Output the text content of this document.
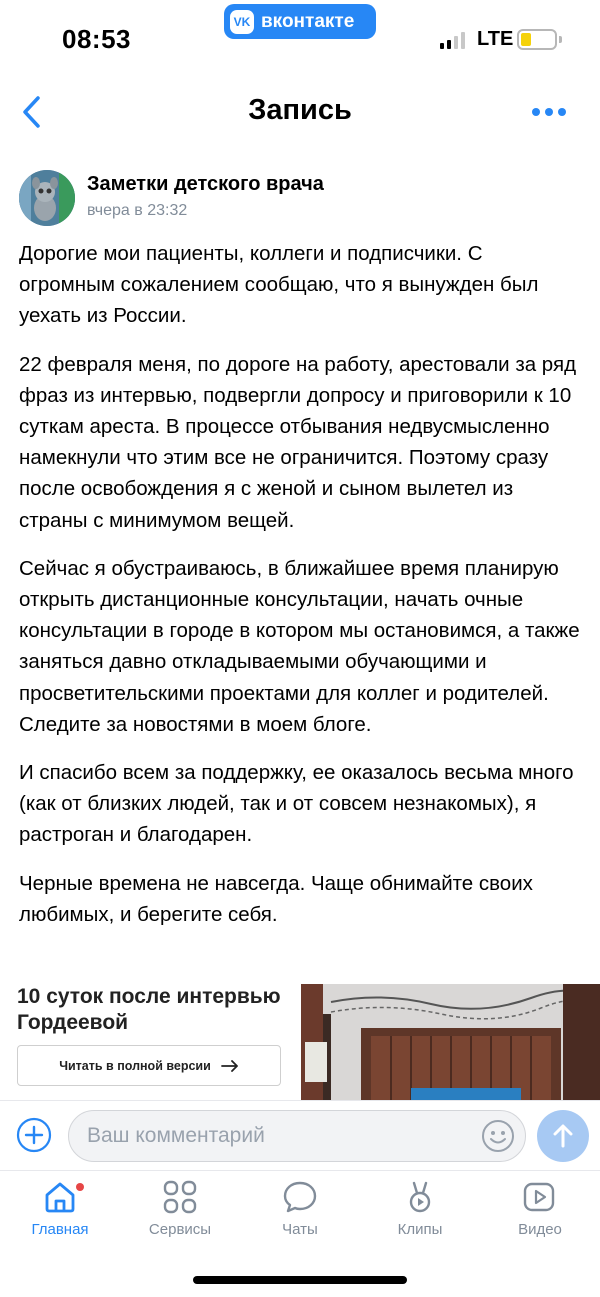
08:53
VK вконтакте
LTE
Запись
Заметки детского врача
вчера в 23:32

Дорогие мои пациенты, коллеги и подписчики. С огромным сожалением сообщаю, что я вынужден был уехать из России.

22 февраля меня, по дороге на работу, арестовали за ряд фраз из интервью, подвергли допросу и приговорили к 10 суткам ареста. В процессе отбывания недвусмысленно намекнули что этим все не ограничится. Поэтому сразу после освобождения я с женой и сыном вылетел из страны с минимумом вещей.

Сейчас я обустраиваюсь, в ближайшее время планирую открыть дистанционные консультации, начать очные консультации в городе в котором мы остановимся, а также заняться давно откладываемыми обучающими и просветительскими проектами для коллег и родителей. Следите за новостями в моем блоге.

И спасибо всем за поддержку, ее оказалось весьма много (как от близких людей, так и от совсем незнакомых), я растроган и благодарен.

Черные времена не навсегда. Чаще обнимайте своих любимых, и берегите себя.

10 суток после интервью Гордеевой
Читать в полной версии
Ваш комментарий
Главная	Сервисы	Чаты	Клипы	Видео
